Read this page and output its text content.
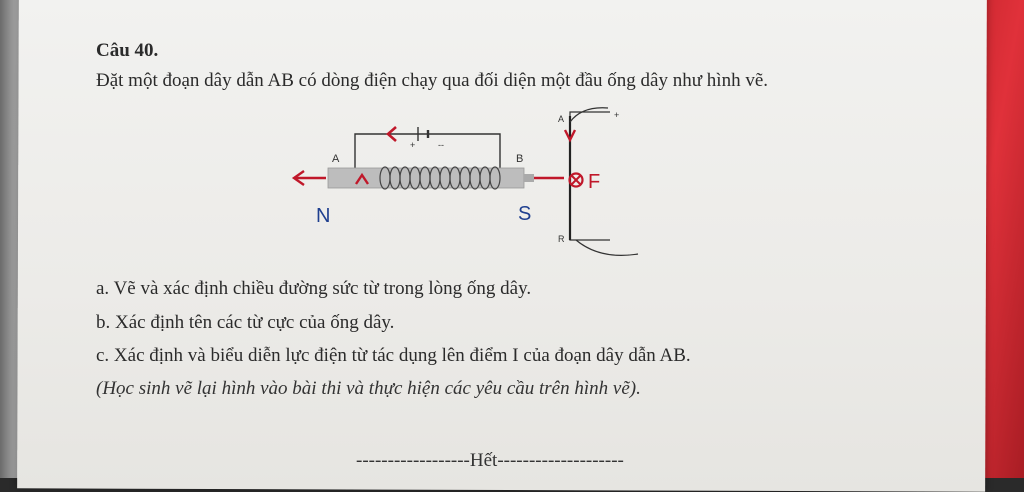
Câu 40.
Đặt một đoạn dây dẫn AB có dòng điện chạy qua đối diện một đầu ống dây như hình vẽ.
+	--
A	B
A
R
+
F
N	S
a. Vẽ và xác định chiều đường sức từ trong lòng ống dây.
b. Xác định tên các từ cực của ống dây.
c. Xác định và biểu diễn lực điện từ tác dụng lên điểm I của đoạn dây dẫn AB.
(Học sinh vẽ lại hình vào bài thi và thực hiện các yêu cầu trên hình vẽ).
------------------Hết--------------------
